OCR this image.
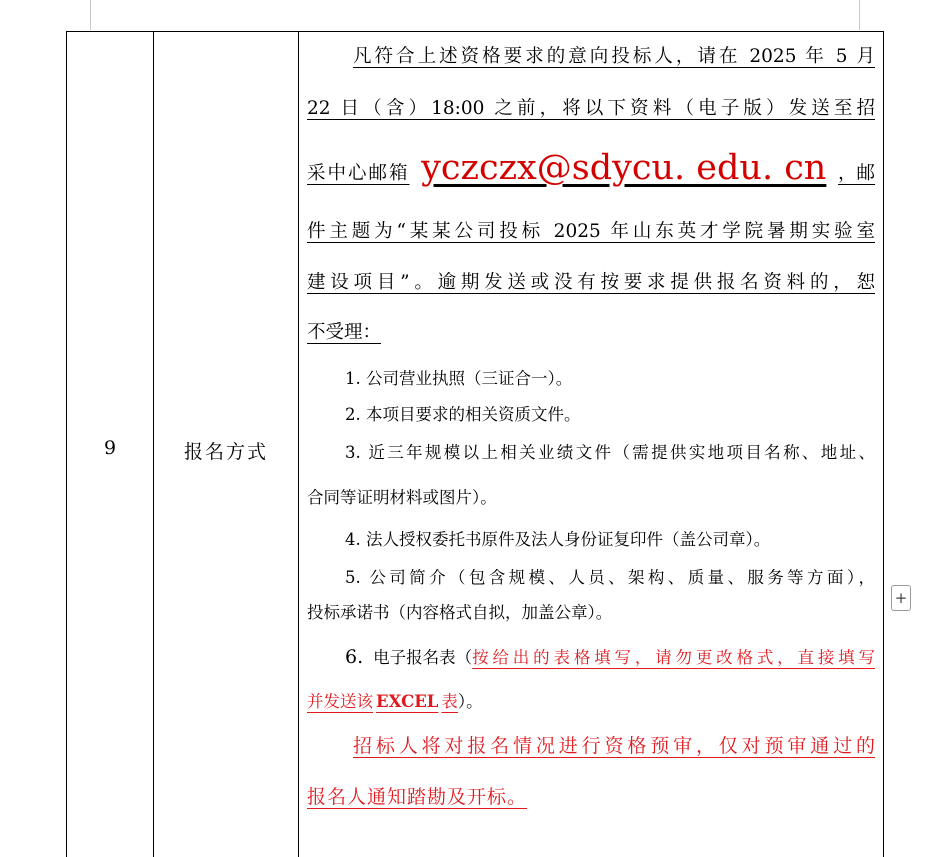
9	报名方式
凡符合上述资格要求的意向投标人，请在 2025 年 5 月
22 日（含）18:00 之前，将以下资料（电子版）发送至招
采中心邮箱 yczczx@sdycu. edu. cn ，邮
件主题为“某某公司投标 2025 年山东英才学院暑期实验室
建设项目”。逾期发送或没有按要求提供报名资料的，恕
不受理：
1. 公司营业执照（三证合一）。
2. 本项目要求的相关资质文件。
3. 近三年规模以上相关业绩文件（需提供实地项目名称、地址、
合同等证明材料或图片）。
4. 法人授权委托书原件及法人身份证复印件（盖公司章）。
5. 公司简介（包含规模、人员、架构、质量、服务等方面），
投标承诺书（内容格式自拟，加盖公章）。
6. 电子报名表（ 按给出的表格填写，请勿更改格式，直接填写
并发送该 EXCEL 表）。
招标人将对报名情况进行资格预审，仅对预审通过的
报名人通知踏勘及开标。
+
